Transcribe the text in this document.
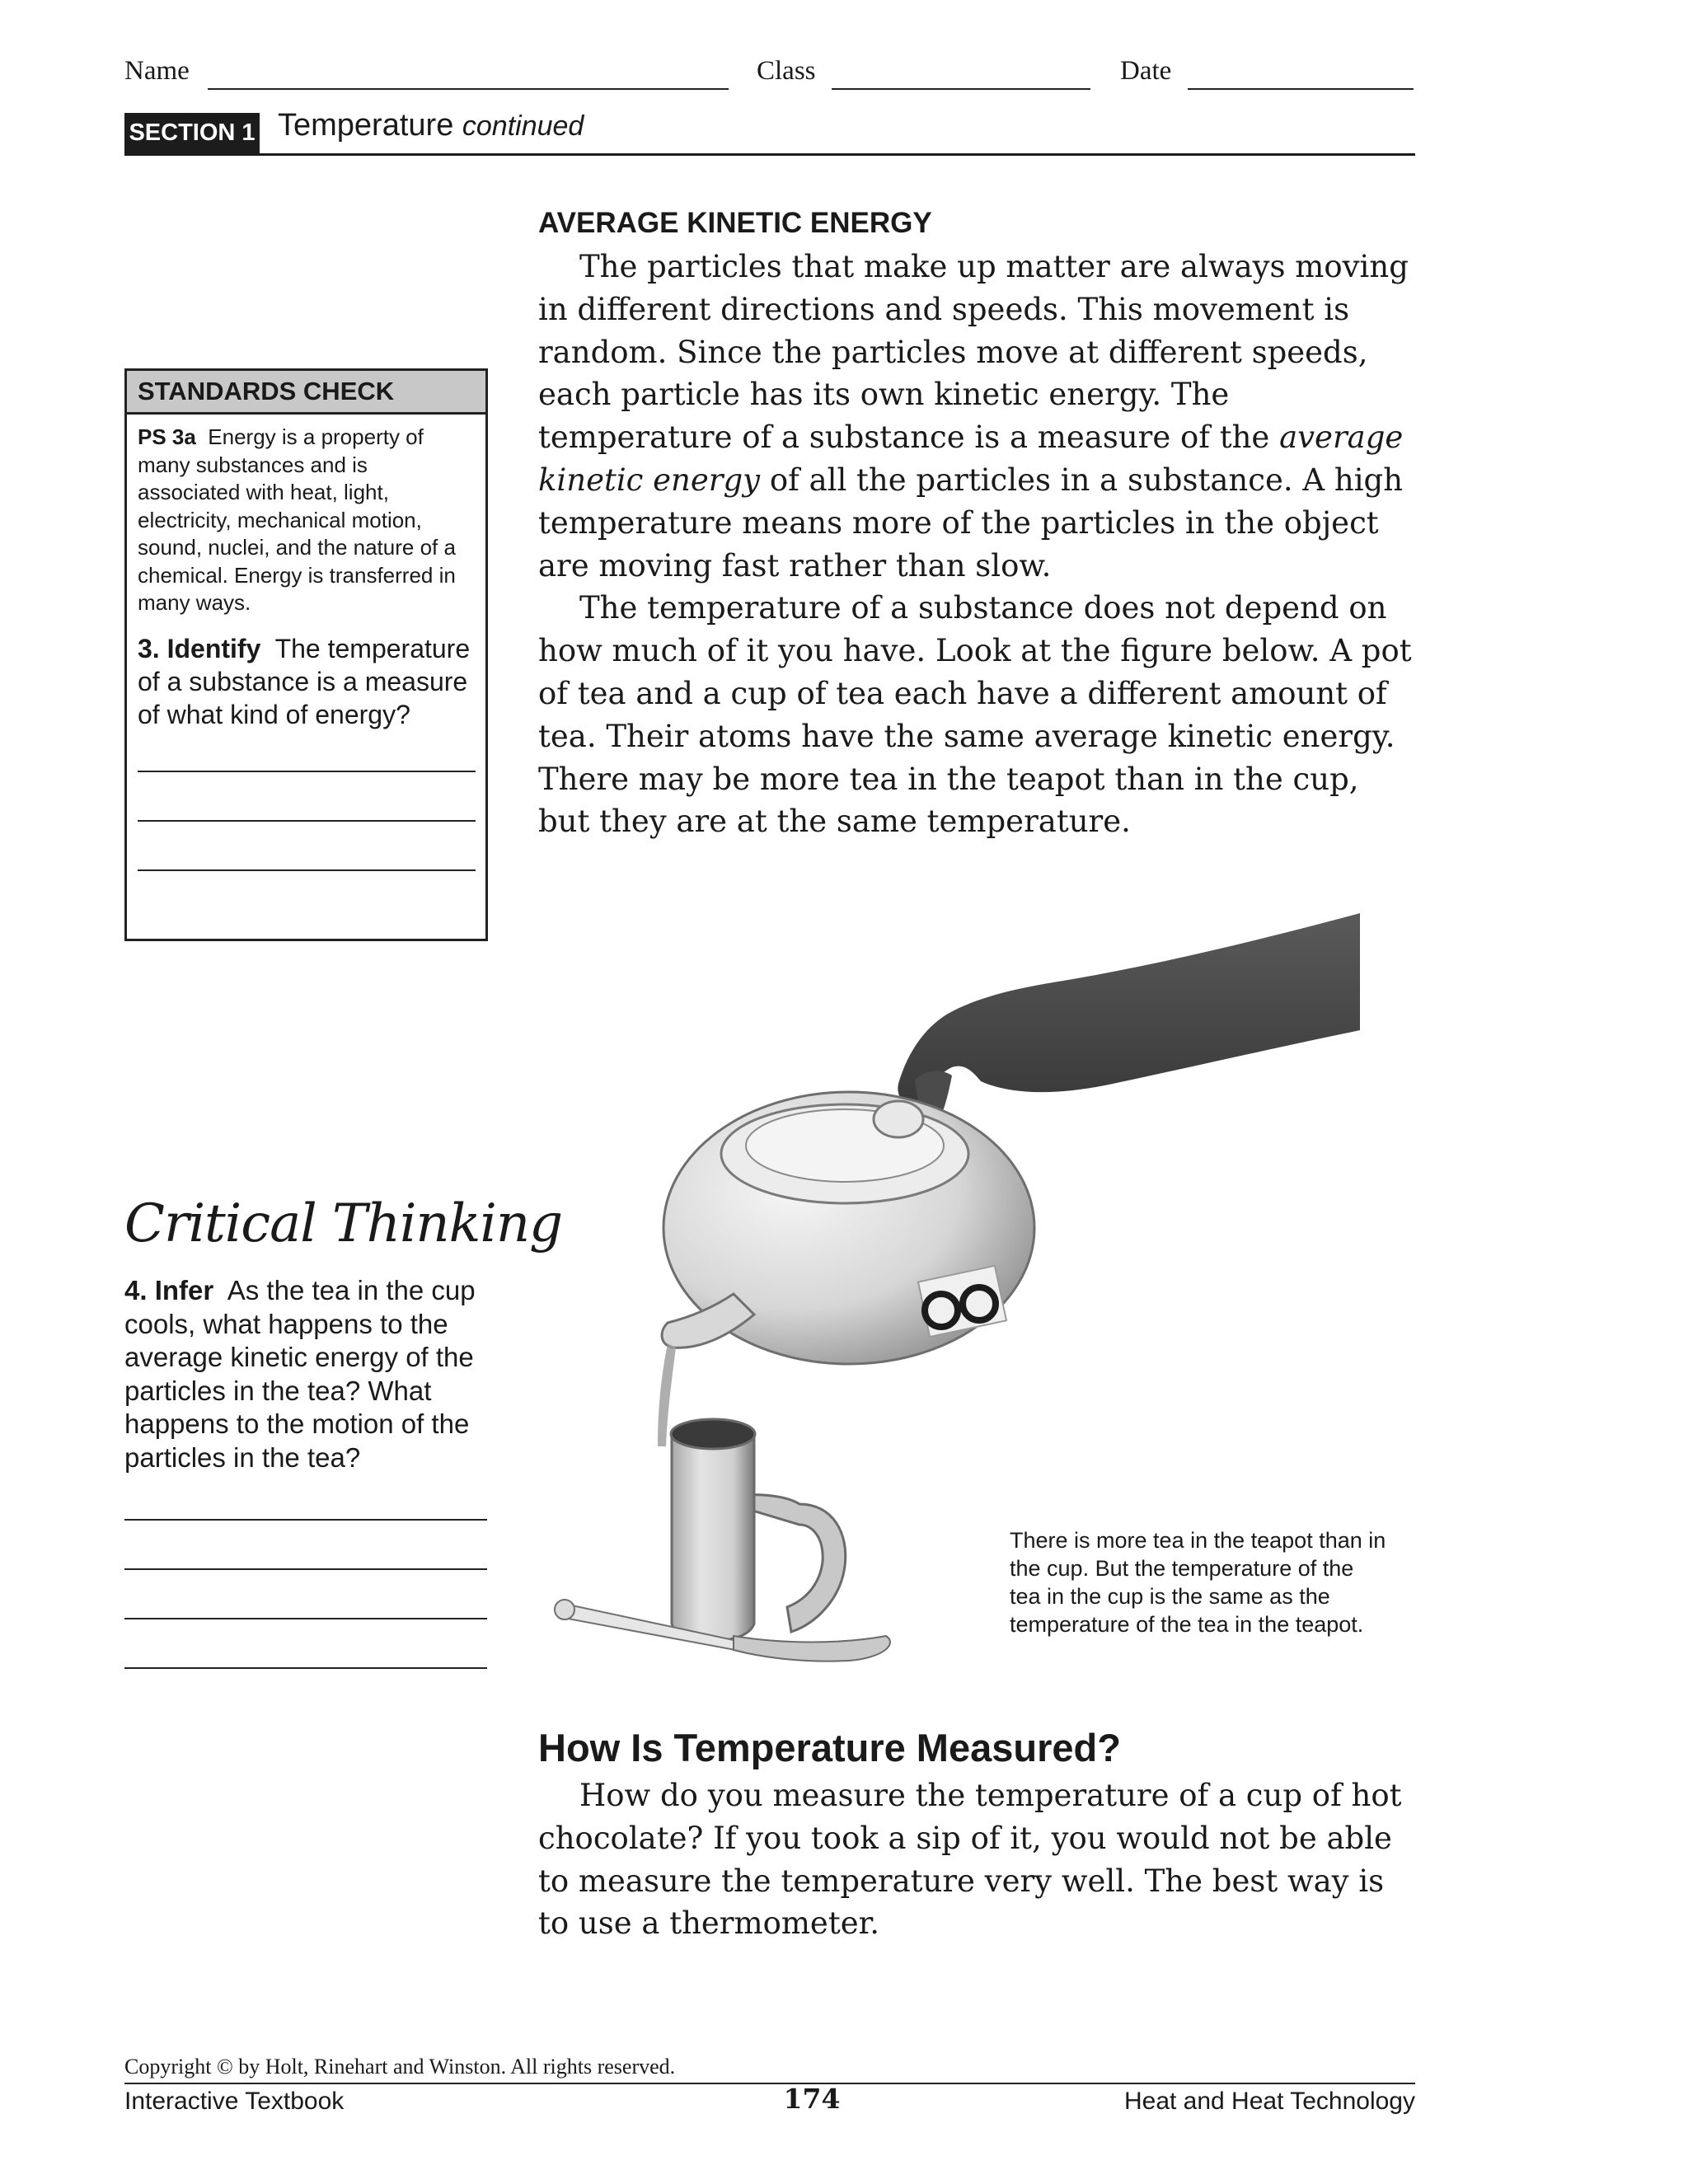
Name	Class	Date
SECTION 1 Temperature continued
AVERAGE KINETIC ENERGY

The particles that make up matter are always moving in different directions and speeds. This movement is random. Since the particles move at different speeds, each particle has its own kinetic energy. The temperature of a substance is a measure of the average kinetic energy of all the particles in a substance. A high temperature means more of the particles in the object are moving fast rather than slow.

The temperature of a substance does not depend on how much of it you have. Look at the figure below. A pot of tea and a cup of tea each have a different amount of tea. Their atoms have the same average kinetic energy. There may be more tea in the teapot than in the cup, but they are at the same temperature.

STANDARDS CHECK
PS 3a Energy is a property of many substances and is associated with heat, light, electricity, mechanical motion, sound, nuclei, and the nature of a chemical. Energy is transferred in many ways.
3. Identify The temperature of a substance is a measure of what kind of energy?
Critical Thinking
4. Infer As the tea in the cup cools, what happens to the average kinetic energy of the particles in the tea? What happens to the motion of the particles in the tea?
There is more tea in the teapot than in the cup. But the temperature of the tea in the cup is the same as the temperature of the tea in the teapot.
How Is Temperature Measured?

How do you measure the temperature of a cup of hot chocolate? If you took a sip of it, you would not be able to measure the temperature very well. The best way is to use a thermometer.

Copyright © by Holt, Rinehart and Winston. All rights reserved.
Interactive Textbook	174	Heat and Heat Technology
